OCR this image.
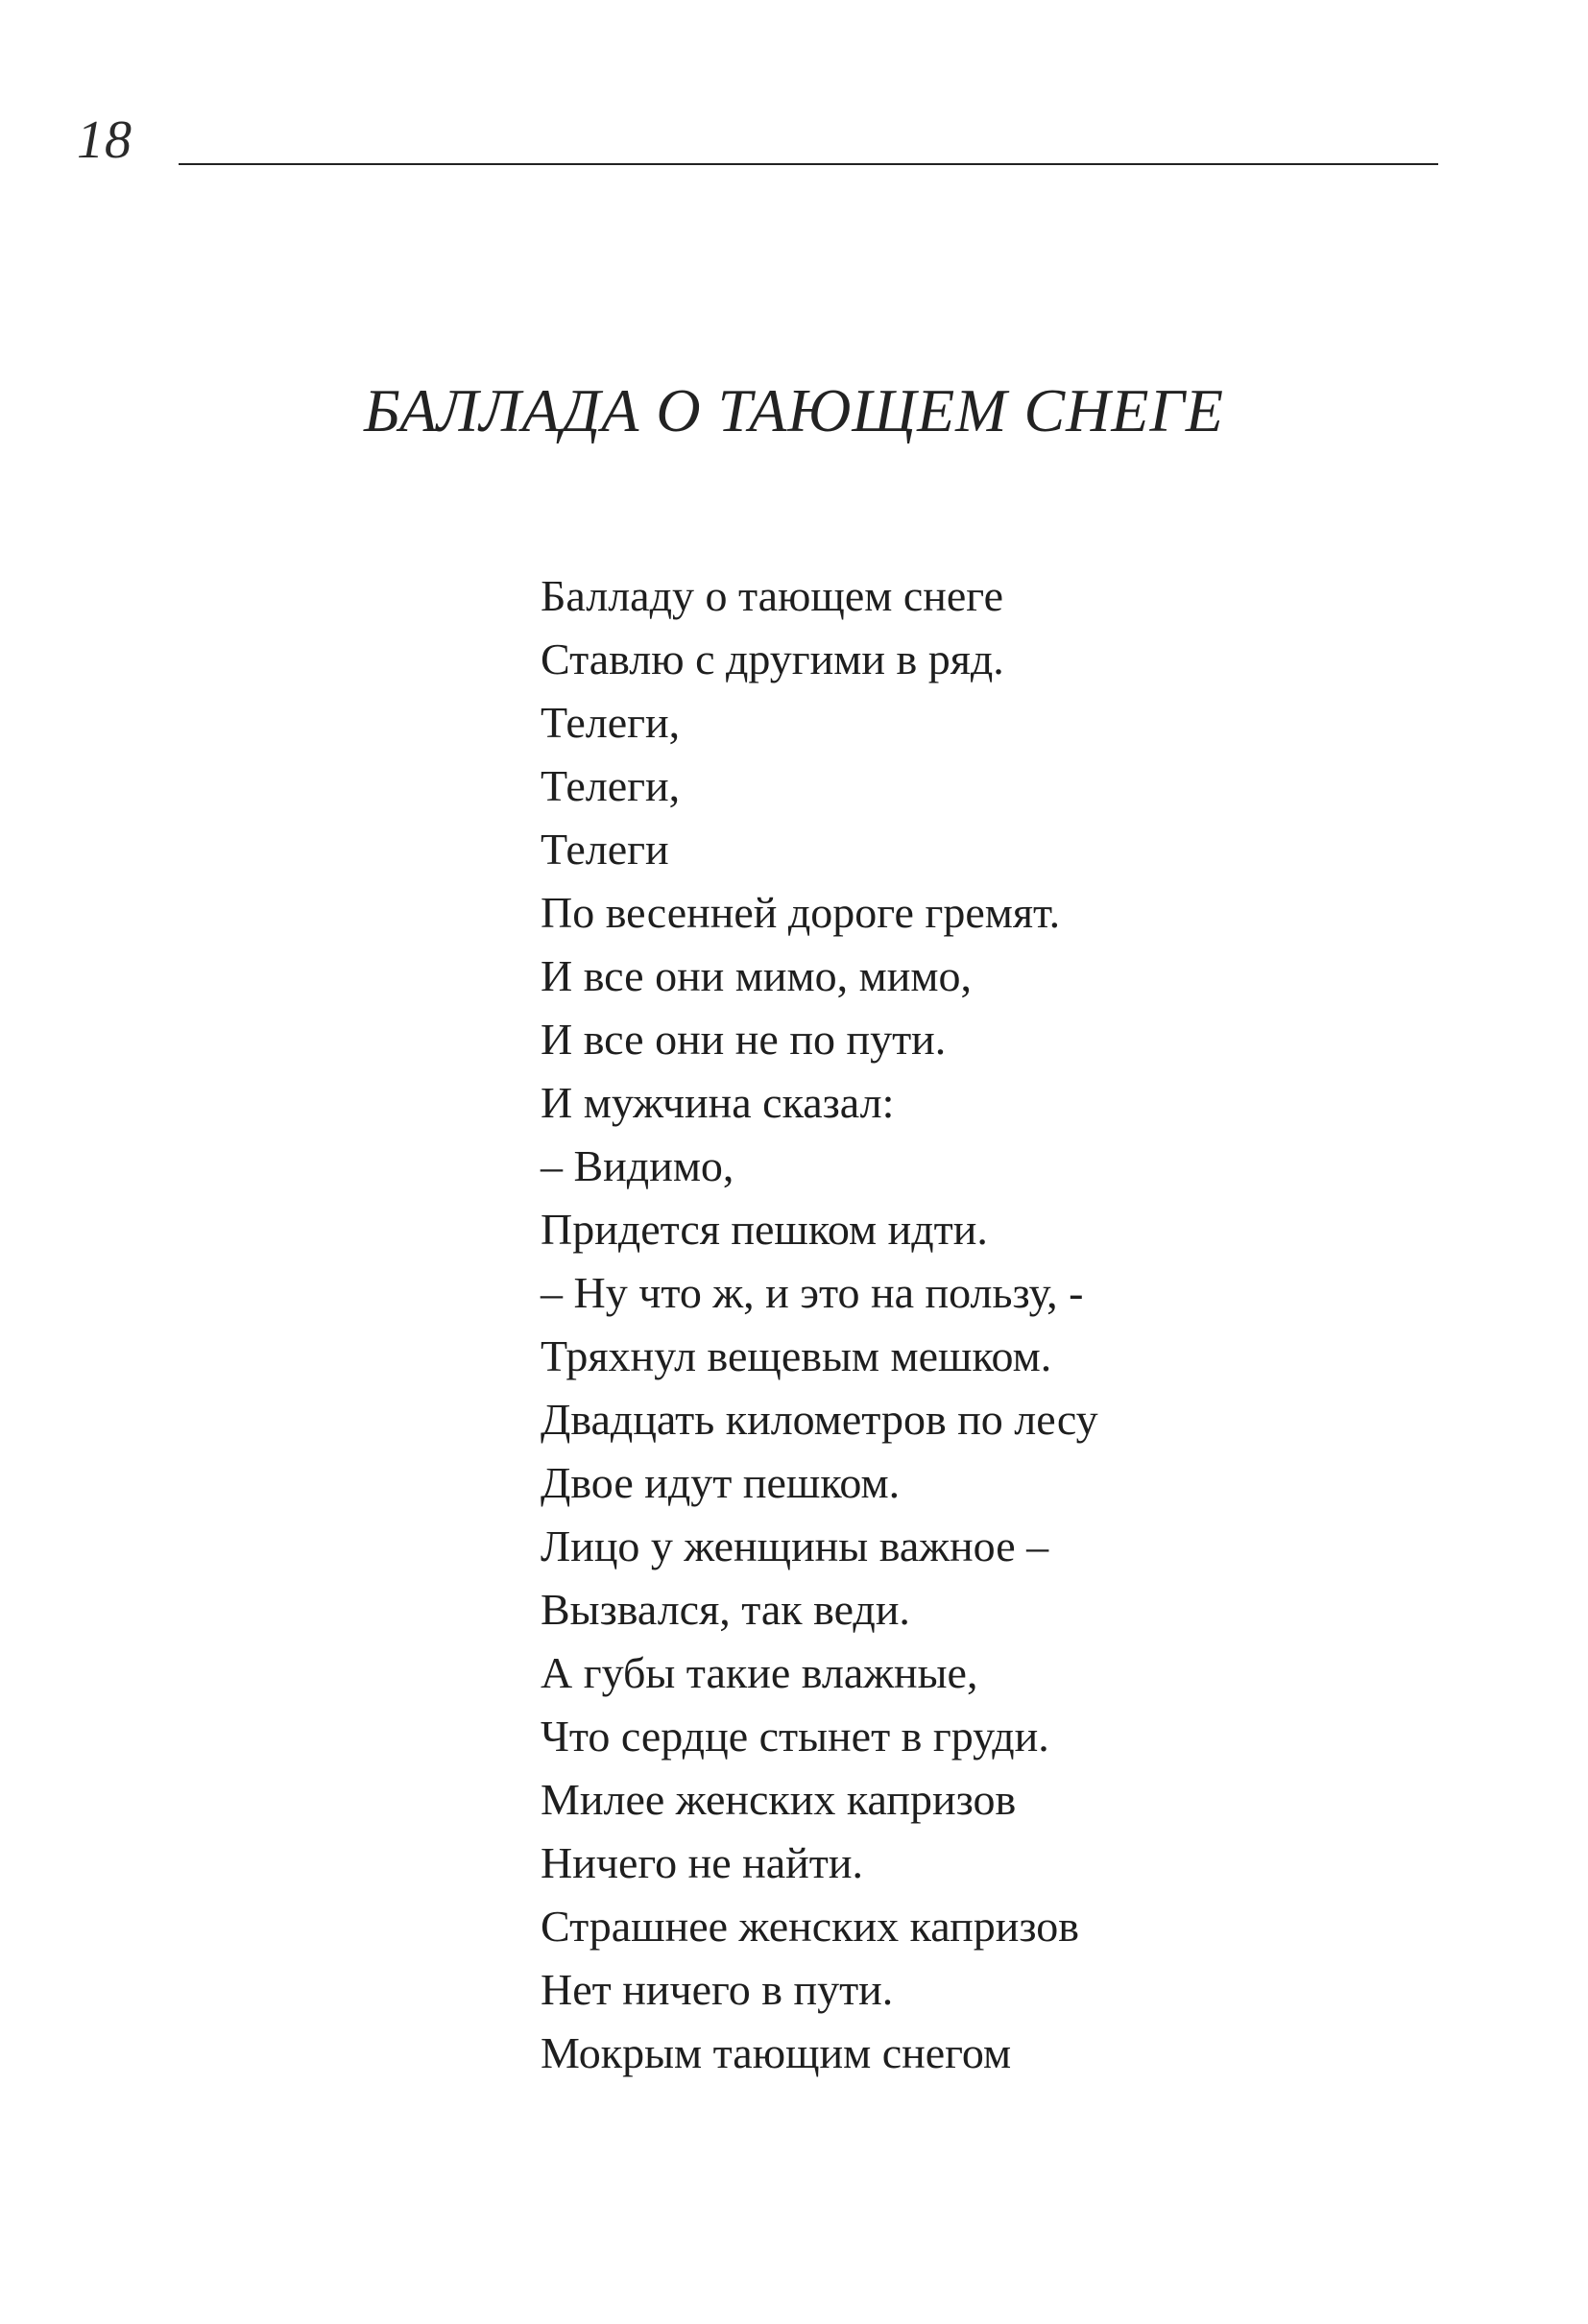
18
БАЛЛАДА О ТАЮЩЕМ СНЕГЕ
Балладу о тающем снеге
Ставлю с другими в ряд.
Телеги,
Телеги,
Телеги
По весенней дороге гремят.
И все они мимо, мимо,
И все они не по пути.
И мужчина сказал:
– Видимо,
Придется пешком идти.
– Ну что ж, и это на пользу, -
Тряхнул вещевым мешком.
Двадцать километров по лесу
Двое идут пешком.
Лицо у женщины важное –
Вызвался, так веди.
А губы такие влажные,
Что сердце стынет в груди.
Милее женских капризов
Ничего не найти.
Страшнее женских капризов
Нет ничего в пути.
Мокрым тающим снегом
